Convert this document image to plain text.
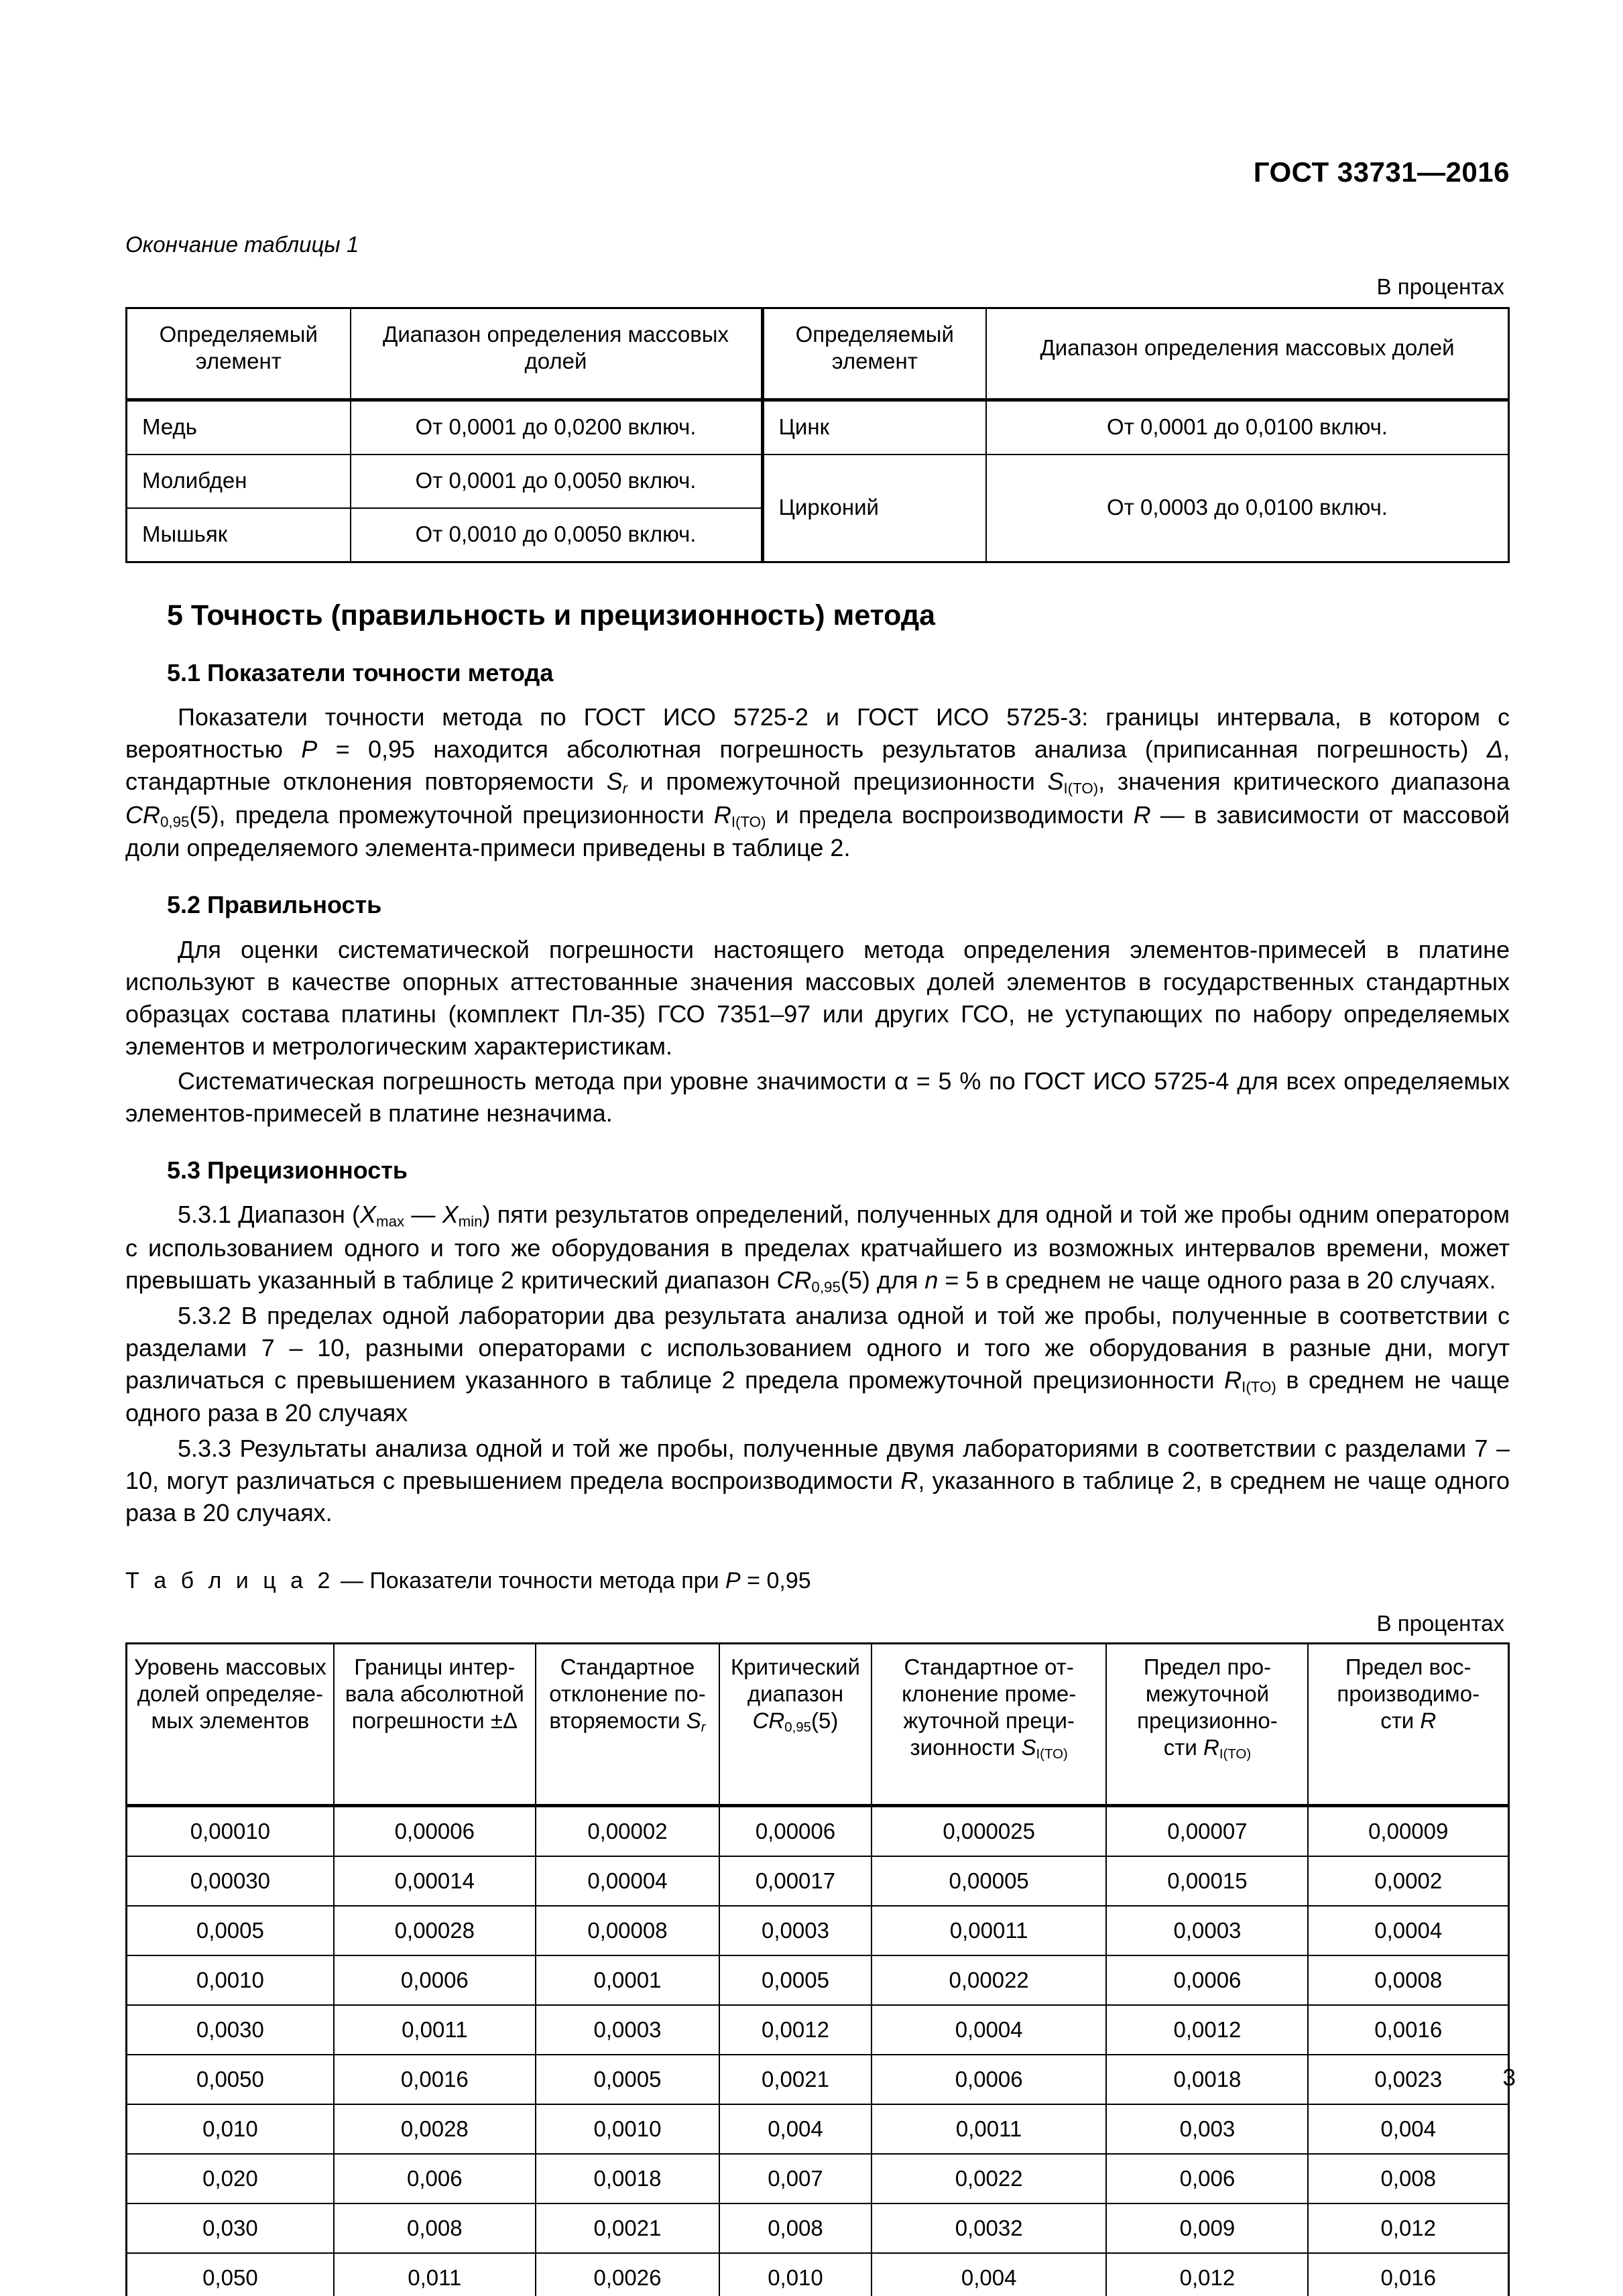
ГОСТ 33731—2016
Окончание таблицы 1
В процентах
Определяемый элемент	Диапазон определения массовых долей	Определяемый элемент	Диапазон определения массовых долей
Медь	От 0,0001 до 0,0200 включ.	Цинк	От 0,0001 до 0,0100 включ.
Молибден	От 0,0001 до 0,0050 включ.	Цирконий	От 0,0003 до 0,0100 включ.
Мышьяк	От 0,0010 до 0,0050 включ.		
5 Точность (правильность и прецизионность) метода
5.1 Показатели точности метода

Показатели точности метода по ГОСТ ИСО 5725-2 и ГОСТ ИСО 5725-3: границы интервала, в котором с вероятностью P = 0,95 находится абсолютная погрешность результатов анализа (приписанная погрешность) Δ, стандартные отклонения повторяемости $S_r$ и промежуточной прецизионности $S_{I(TO)}$, значения критического диапазона $CR_{0,95}(5)$, предела промежуточной прецизионности $R_{I(TO)}$ и предела воспроизводимости R — в зависимости от массовой доли определяемого элемента-примеси приведены в таблице 2.

5.2 Правильность

Для оценки систематической погрешности настоящего метода определения элементов-примесей в платине используют в качестве опорных аттестованные значения массовых долей элементов в государственных стандартных образцах состава платины (комплект Пл-35) ГСО 7351–97 или других ГСО, не уступающих по набору определяемых элементов и метрологическим характеристикам.

Систематическая погрешность метода при уровне значимости α = 5 % по ГОСТ ИСО 5725-4 для всех определяемых элементов-примесей в платине незначима.

5.3 Прецизионность

5.3.1 Диапазон ($X_{max}$ — $X_{min}$) пяти результатов определений, полученных для одной и той же пробы одним оператором с использованием одного и того же оборудования в пределах кратчайшего из возможных интервалов времени, может превышать указанный в таблице 2 критический диапазон $CR_{0,95}(5)$ для n = 5 в среднем не чаще одного раза в 20 случаях.

5.3.2 В пределах одной лаборатории два результата анализа одной и той же пробы, полученные в соответствии с разделами 7 – 10, разными операторами с использованием одного и того же оборудования в разные дни, могут различаться с превышением указанного в таблице 2 предела промежуточной прецизионности $R_{I(TO)}$ в среднем не чаще одного раза в 20 случаях

5.3.3 Результаты анализа одной и той же пробы, полученные двумя лабораториями в соответствии с разделами 7 – 10, могут различаться с превышением предела воспроизводимости R, указанного в таблице 2, в среднем не чаще одного раза в 20 случаях.

Т а б л и ц а 2 — Показатели точности метода при P = 0,95
В процентах
Уровень массовых
долей определяе-
мых элементов	Границы интер-
вала абсолютной
погрешности ±Δ	Стандартное
отклонение по-
вторяемости $S_r$	Критический
диапазон
$CR_{0,95}(5)$	Стандартное от-
клонение проме-
жуточной преци-
зионности $S_{I(TO)}$	Предел про-
межуточной
прецизионно-
сти $R_{I(TO)}$	Предел вос-
производимо-
сти R
0,00010	0,00006	0,00002	0,00006	0,000025	0,00007	0,00009
0,00030	0,00014	0,00004	0,00017	0,00005	0,00015	0,0002
0,0005	0,00028	0,00008	0,0003	0,00011	0,0003	0,0004
0,0010	0,0006	0,0001	0,0005	0,00022	0,0006	0,0008
0,0030	0,0011	0,0003	0,0012	0,0004	0,0012	0,0016
0,0050	0,0016	0,0005	0,0021	0,0006	0,0018	0,0023
0,010	0,0028	0,0010	0,004	0,0011	0,003	0,004
0,020	0,006	0,0018	0,007	0,0022	0,006	0,008
0,030	0,008	0,0021	0,008	0,0032	0,009	0,012
0,050	0,011	0,0026	0,010	0,004	0,012	0,016
3
